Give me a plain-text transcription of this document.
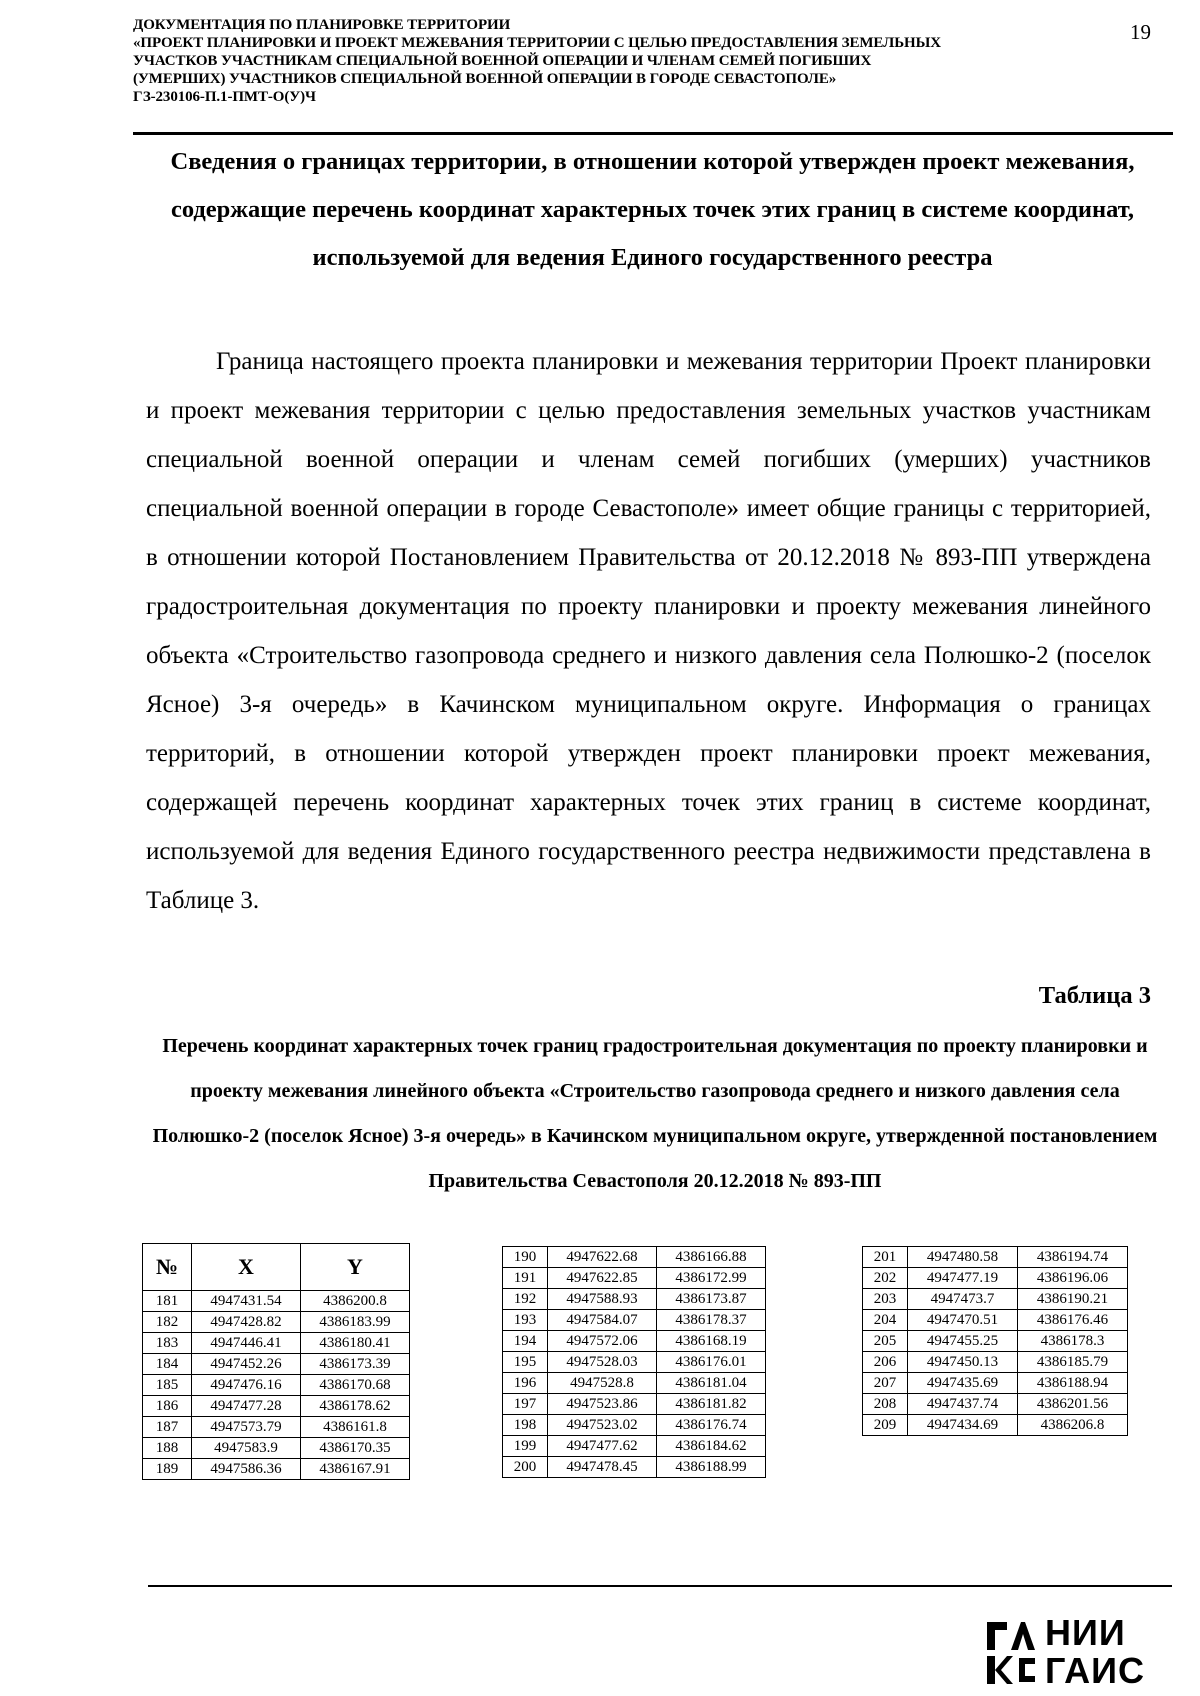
ДОКУМЕНТАЦИЯ ПО ПЛАНИРОВКЕ ТЕРРИТОРИИ
«ПРОЕКТ ПЛАНИРОВКИ И ПРОЕКТ МЕЖЕВАНИЯ ТЕРРИТОРИИ С ЦЕЛЬЮ ПРЕДОСТАВЛЕНИЯ ЗЕМЕЛЬНЫХ
УЧАСТКОВ УЧАСТНИКАМ СПЕЦИАЛЬНОЙ ВОЕННОЙ ОПЕРАЦИИ И ЧЛЕНАМ СЕМЕЙ ПОГИБШИХ
(УМЕРШИХ) УЧАСТНИКОВ СПЕЦИАЛЬНОЙ ВОЕННОЙ ОПЕРАЦИИ В ГОРОДЕ СЕВАСТОПОЛЕ»
ГЗ-230106-П.1-ПМТ-О(У)Ч
19
Сведения о границах территории, в отношении которой утвержден проект межевания, содержащие перечень координат характерных точек этих границ в системе координат, используемой для ведения Единого государственного реестра
Граница настоящего проекта планировки и межевания территории Проект планировки и проект межевания территории с целью предоставления земельных участков участникам специальной военной операции и членам семей погибших (умерших) участников специальной военной операции в городе Севастополе» имеет общие границы с территорией, в отношении которой Постановлением Правительства от 20.12.2018 № 893-ПП утверждена градостроительная документация по проекту планировки и проекту межевания линейного объекта «Строительство газопровода среднего и низкого давления села Полюшко-2 (поселок Ясное) 3-я очередь» в Качинском муниципальном округе. Информация о границах территорий, в отношении которой утвержден проект планировки проект межевания, содержащей перечень координат характерных точек этих границ в системе координат, используемой для ведения Единого государственного реестра недвижимости представлена в Таблице 3.
Таблица 3
Перечень координат характерных точек границ градостроительная документация по проекту планировки и проекту межевания линейного объекта «Строительство газопровода среднего и низкого давления села Полюшко-2 (поселок Ясное) 3-я очередь» в Качинском муниципальном округе, утвержденной постановлением Правительства Севастополя 20.12.2018 № 893-ПП
№	X	Y
181	4947431.54	4386200.8
182	4947428.82	4386183.99
183	4947446.41	4386180.41
184	4947452.26	4386173.39
185	4947476.16	4386170.68
186	4947477.28	4386178.62
187	4947573.79	4386161.8
188	4947583.9	4386170.35
189	4947586.36	4386167.91
190	4947622.68	4386166.88
191	4947622.85	4386172.99
192	4947588.93	4386173.87
193	4947584.07	4386178.37
194	4947572.06	4386168.19
195	4947528.03	4386176.01
196	4947528.8	4386181.04
197	4947523.86	4386181.82
198	4947523.02	4386176.74
199	4947477.62	4386184.62
200	4947478.45	4386188.99
201	4947480.58	4386194.74
202	4947477.19	4386196.06
203	4947473.7	4386190.21
204	4947470.51	4386176.46
205	4947455.25	4386178.3
206	4947450.13	4386185.79
207	4947435.69	4386188.94
208	4947437.74	4386201.56
209	4947434.69	4386206.8
НИИ
ГАИС
